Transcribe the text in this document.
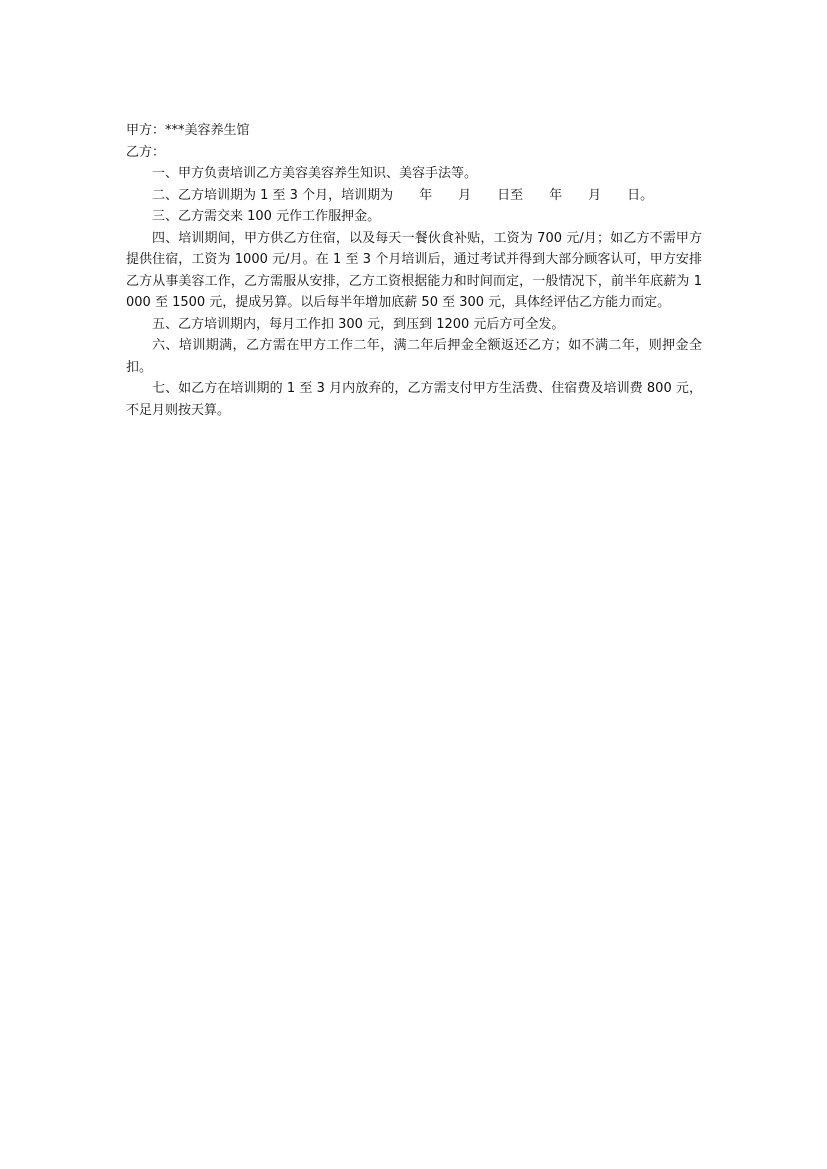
甲方：***美容养生馆

乙方：

一、甲方负责培训乙方美容美容养生知识、美容手法等。

二、乙方培训期为 1 至 3 个月，培训期为　　年　　月　　日至　　年　　月　　日。

三、乙方需交来 100 元作工作服押金。

四、培训期间，甲方供乙方住宿，以及每天一餐伙食补贴，工资为 700 元/月；如乙方不需甲方提供住宿，工资为 1000 元/月。在 1 至 3 个月培训后，通过考试并得到大部分顾客认可，甲方安排乙方从事美容工作，乙方需服从安排，乙方工资根据能力和时间而定，一般情况下，前半年底薪为 1000 至 1500 元，提成另算。以后每半年增加底薪 50 至 300 元，具体经评估乙方能力而定。

五、乙方培训期内，每月工作扣 300 元，到压到 1200 元后方可全发。

六、培训期满，乙方需在甲方工作二年，满二年后押金全额返还乙方；如不满二年，则押金全扣。

七、如乙方在培训期的 1 至 3 月内放弃的，乙方需支付甲方生活费、住宿费及培训费 800 元，不足月则按天算。
